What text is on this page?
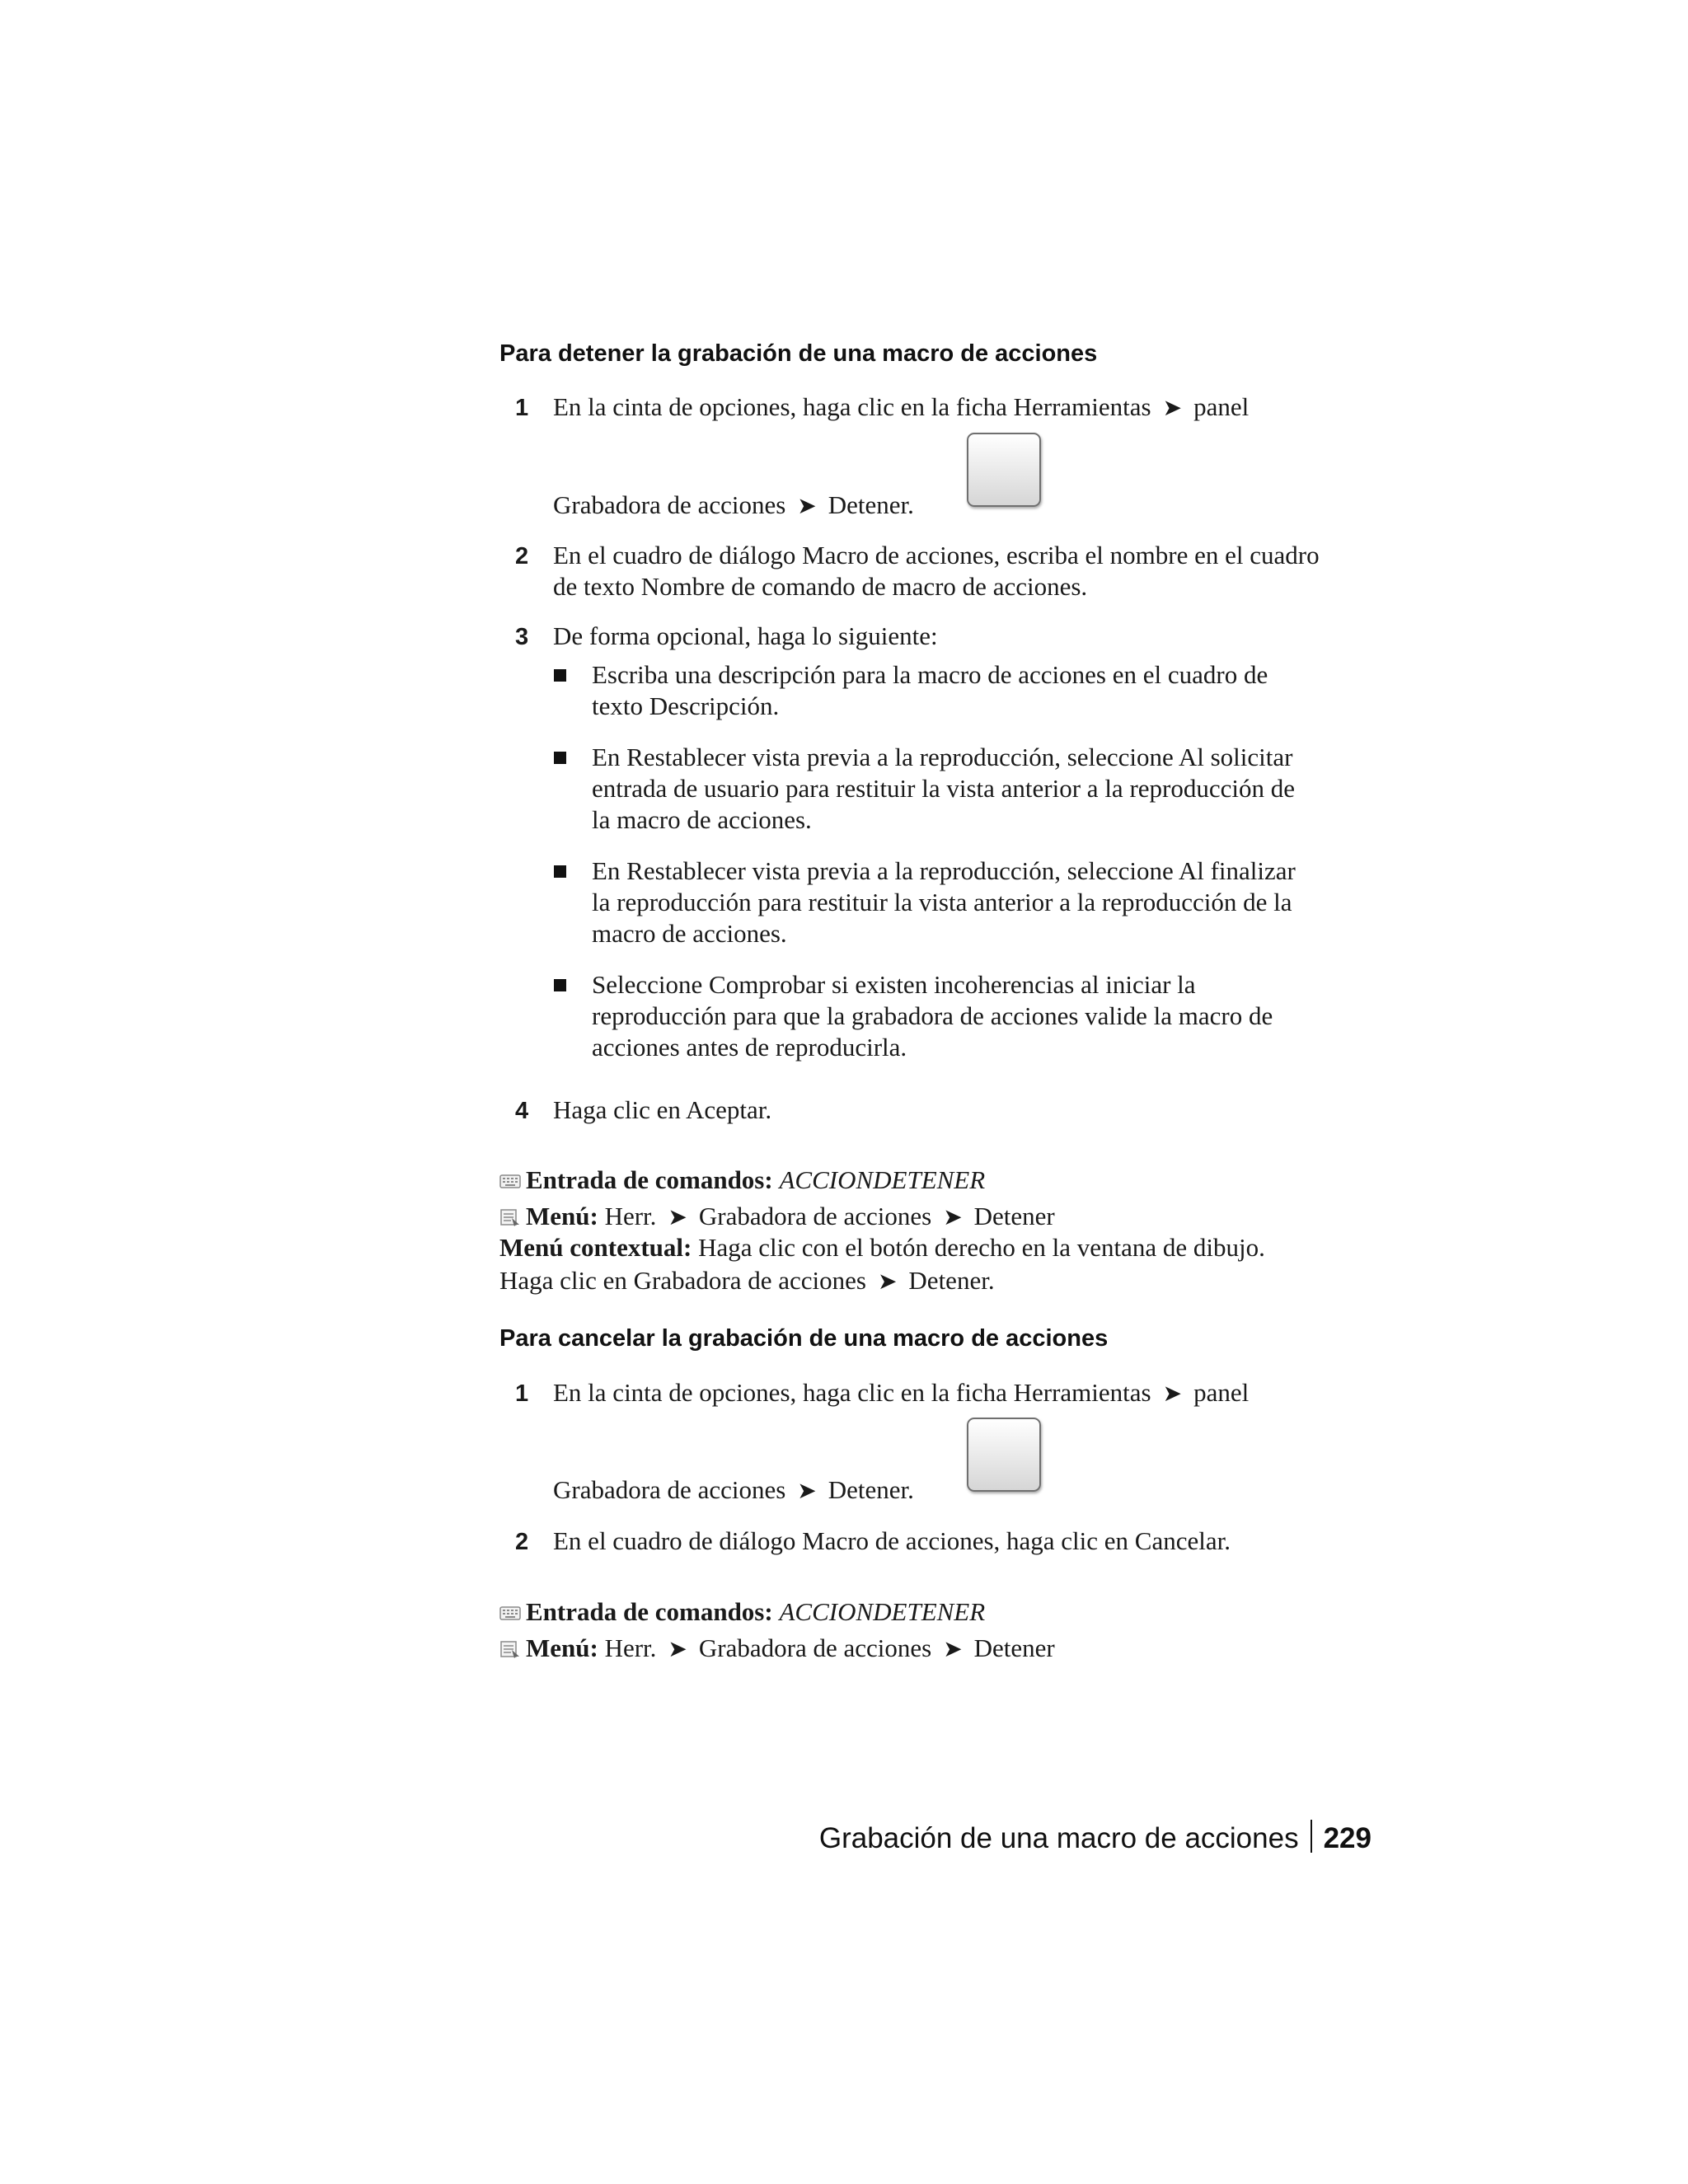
Para detener la grabación de una macro de acciones
1 En la cinta de opciones, haga clic en la ficha Herramientas ➤ panel
Grabadora de acciones ➤ Detener.
2 En el cuadro de diálogo Macro de acciones, escriba el nombre en el cuadro
de texto Nombre de comando de macro de acciones.
3 De forma opcional, haga lo siguiente:
Escriba una descripción para la macro de acciones en el cuadro de
texto Descripción.
En Restablecer vista previa a la reproducción, seleccione Al solicitar
entrada de usuario para restituir la vista anterior a la reproducción de
la macro de acciones.
En Restablecer vista previa a la reproducción, seleccione Al finalizar
la reproducción para restituir la vista anterior a la reproducción de la
macro de acciones.
Seleccione Comprobar si existen incoherencias al iniciar la
reproducción para que la grabadora de acciones valide la macro de
acciones antes de reproducirla.
4 Haga clic en Aceptar.
Entrada de comandos: ACCIONDETENER
Menú: Herr. ➤ Grabadora de acciones ➤ Detener
Menú contextual: Haga clic con el botón derecho en la ventana de dibujo.
Haga clic en Grabadora de acciones ➤ Detener.
Para cancelar la grabación de una macro de acciones
1 En la cinta de opciones, haga clic en la ficha Herramientas ➤ panel
Grabadora de acciones ➤ Detener.
2 En el cuadro de diálogo Macro de acciones, haga clic en Cancelar.
Entrada de comandos: ACCIONDETENER
Menú: Herr. ➤ Grabadora de acciones ➤ Detener
Grabación de una macro de acciones 229
